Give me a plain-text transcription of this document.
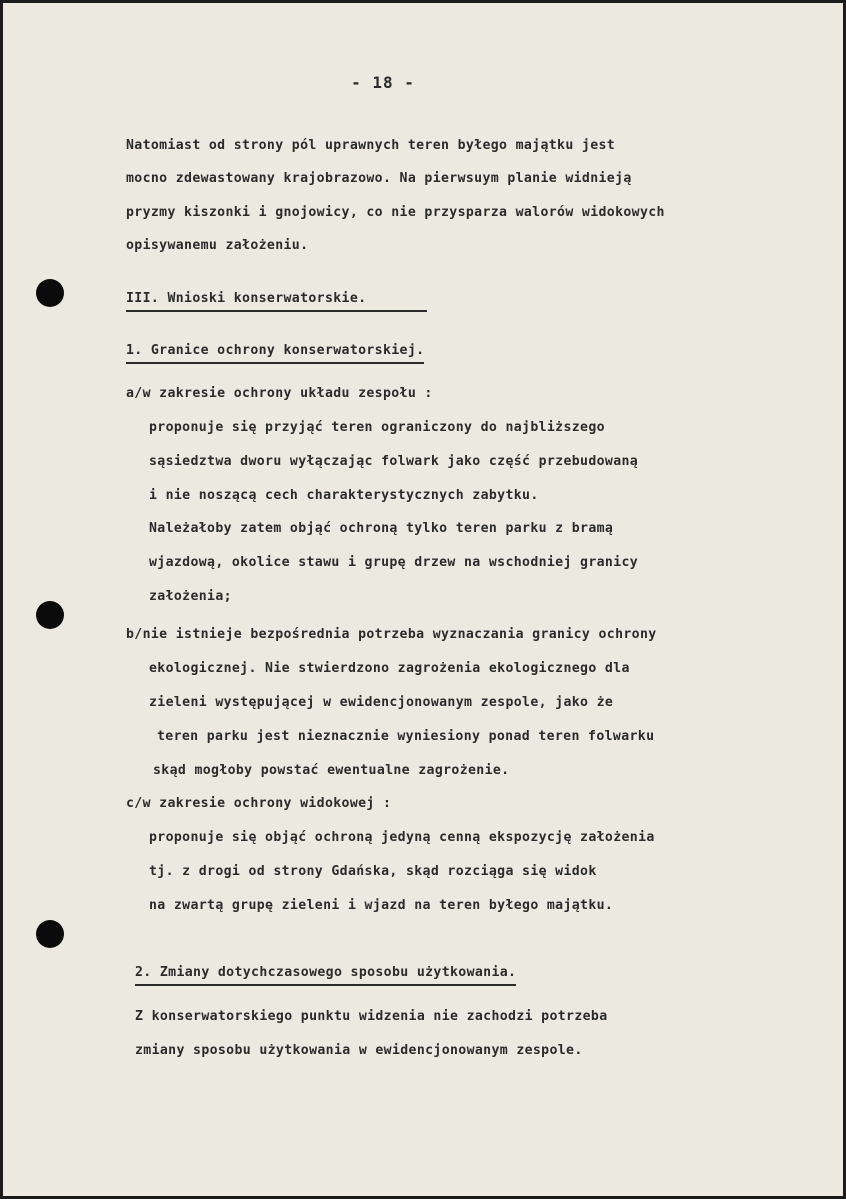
- 18 -
Natomiast od strony pól uprawnych teren byłego majątku jest
mocno zdewastowany krajobrazowo. Na pierwsuym planie widnieją
pryzmy kiszonki i gnojowicy, co nie przysparza walorów widokowych
opisywanemu założeniu.
III. Wnioski konserwatorskie.
1. Granice ochrony konserwatorskiej.
a/w zakresie ochrony układu zespołu :
proponuje się przyjąć teren ograniczony do najbliższego
sąsiedztwa dworu wyłączając folwark jako część przebudowaną
i nie noszącą cech charakterystycznych zabytku.
Należałoby zatem objąć ochroną tylko teren parku z bramą
wjazdową, okolice stawu i grupę drzew na wschodniej granicy
założenia;
b/nie istnieje bezpośrednia potrzeba wyznaczania granicy ochrony
ekologicznej. Nie stwierdzono zagrożenia ekologicznego dla
zieleni występującej w ewidencjonowanym zespole, jako że
teren parku jest nieznacznie wyniesiony ponad teren folwarku
skąd mogłoby powstać ewentualne zagrożenie.
c/w zakresie ochrony widokowej :
proponuje się objąć ochroną jedyną cenną ekspozycję założenia
tj. z drogi od strony Gdańska, skąd rozciąga się widok
na zwartą grupę zieleni i wjazd na teren byłego majątku.
2. Zmiany dotychczasowego sposobu użytkowania.
Z konserwatorskiego punktu widzenia nie zachodzi potrzeba
zmiany sposobu użytkowania w ewidencjonowanym zespole.
